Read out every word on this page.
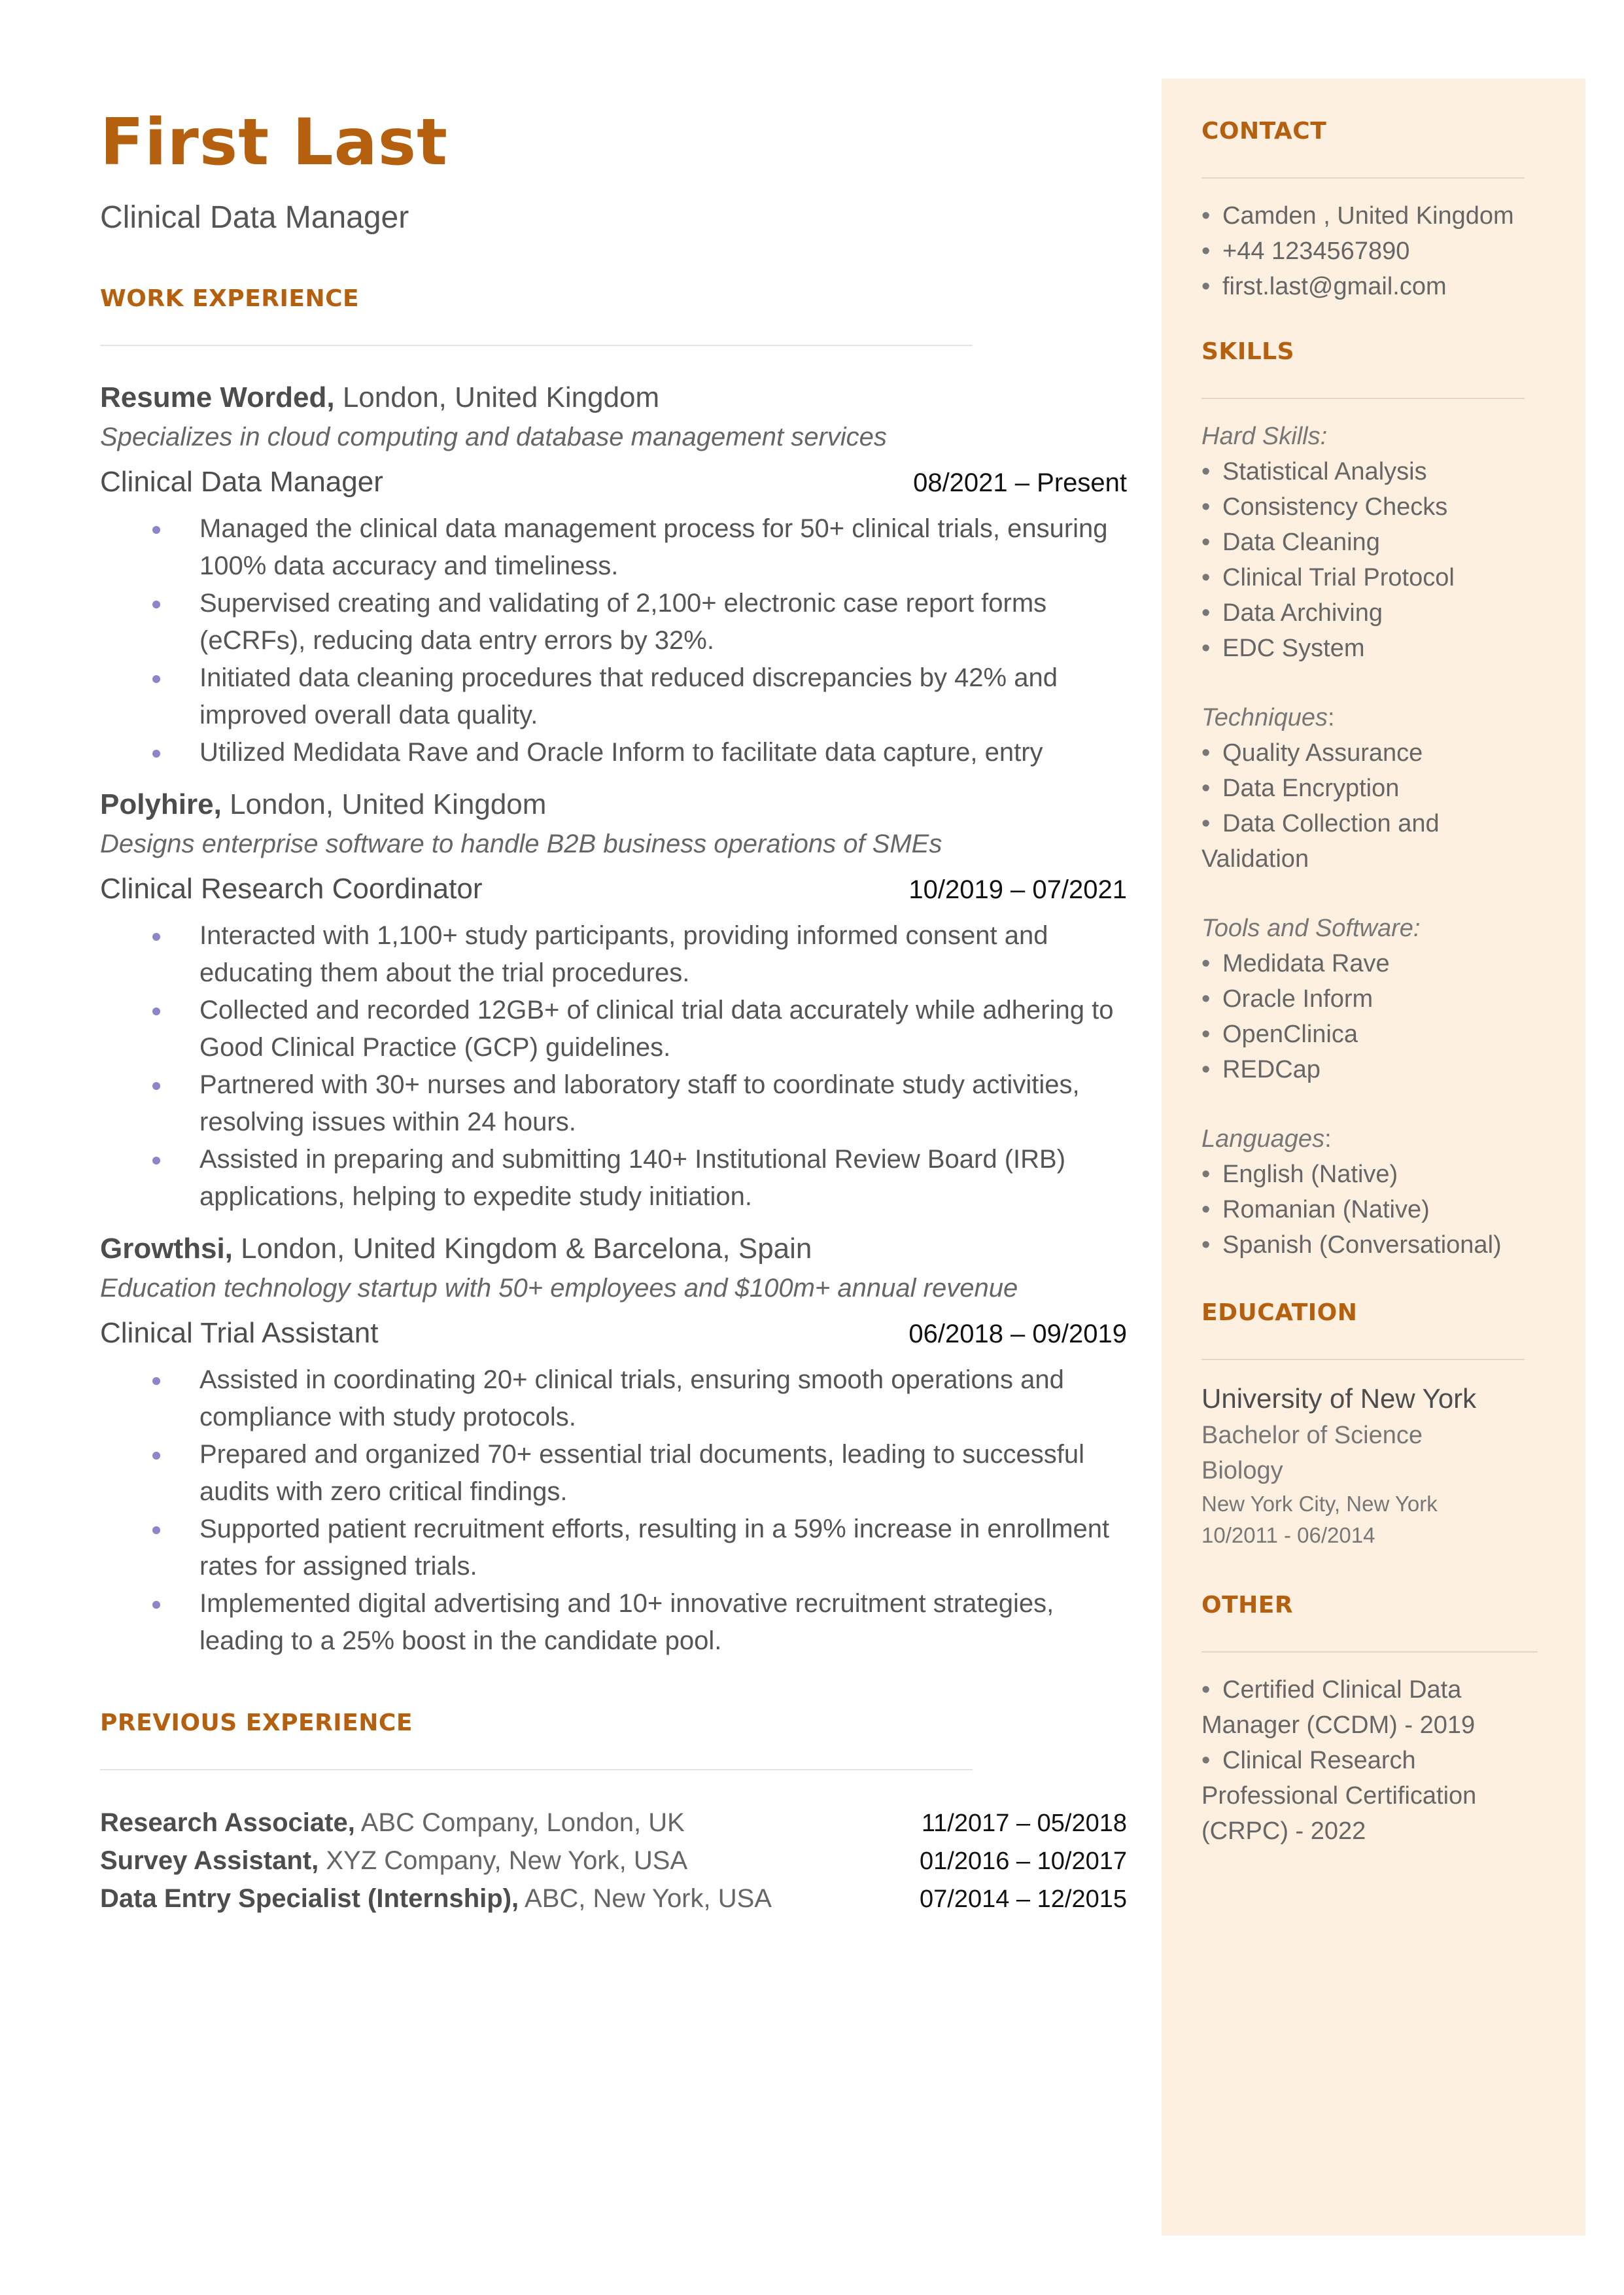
First Last
Clinical Data Manager
WORK EXPERIENCE
Resume Worded, London, United Kingdom
Specializes in cloud computing and database management services
Clinical Data Manager	08/2021 – Present
Managed the clinical data management process for 50+ clinical trials, ensuring 100% data accuracy and timeliness.
Supervised creating and validating of 2,100+ electronic case report forms (eCRFs), reducing data entry errors by 32%.
Initiated data cleaning procedures that reduced discrepancies by 42% and improved overall data quality.
Utilized Medidata Rave and Oracle Inform to facilitate data capture, entry
Polyhire, London, United Kingdom
Designs enterprise software to handle B2B business operations of SMEs
Clinical Research Coordinator	10/2019 – 07/2021
Interacted with 1,100+ study participants, providing informed consent and educating them about the trial procedures.
Collected and recorded 12GB+ of clinical trial data accurately while adhering to Good Clinical Practice (GCP) guidelines.
Partnered with 30+ nurses and laboratory staff to coordinate study activities, resolving issues within 24 hours.
Assisted in preparing and submitting 140+ Institutional Review Board (IRB) applications, helping to expedite study initiation.
Growthsi, London, United Kingdom & Barcelona, Spain
Education technology startup with 50+ employees and $100m+ annual revenue
Clinical Trial Assistant	06/2018 – 09/2019
Assisted in coordinating 20+ clinical trials, ensuring smooth operations and compliance with study protocols.
Prepared and organized 70+ essential trial documents, leading to successful audits with zero critical findings.
Supported patient recruitment efforts, resulting in a 59% increase in enrollment rates for assigned trials.
Implemented digital advertising and 10+ innovative recruitment strategies, leading to a 25% boost in the candidate pool.
PREVIOUS EXPERIENCE
Research Associate, ABC Company, London, UK	11/2017 – 05/2018
Survey Assistant, XYZ Company, New York, USA	01/2016 – 10/2017
Data Entry Specialist (Internship), ABC, New York, USA	07/2014 – 12/2015
CONTACT
• Camden , United Kingdom
• +44 1234567890
• first.last@gmail.com
SKILLS
Hard Skills:
• Statistical Analysis
• Consistency Checks
• Data Cleaning
• Clinical Trial Protocol
• Data Archiving
• EDC System
Techniques:
• Quality Assurance
• Data Encryption
• Data Collection and
Validation
Tools and Software:
• Medidata Rave
• Oracle Inform
• OpenClinica
• REDCap
Languages:
• English (Native)
• Romanian (Native)
• Spanish (Conversational)
EDUCATION
University of New York
Bachelor of Science
Biology
New York City, New York
10/2011 - 06/2014
OTHER
• Certified Clinical Data
Manager (CCDM) - 2019
• Clinical Research
Professional Certification
(CRPC) - 2022
